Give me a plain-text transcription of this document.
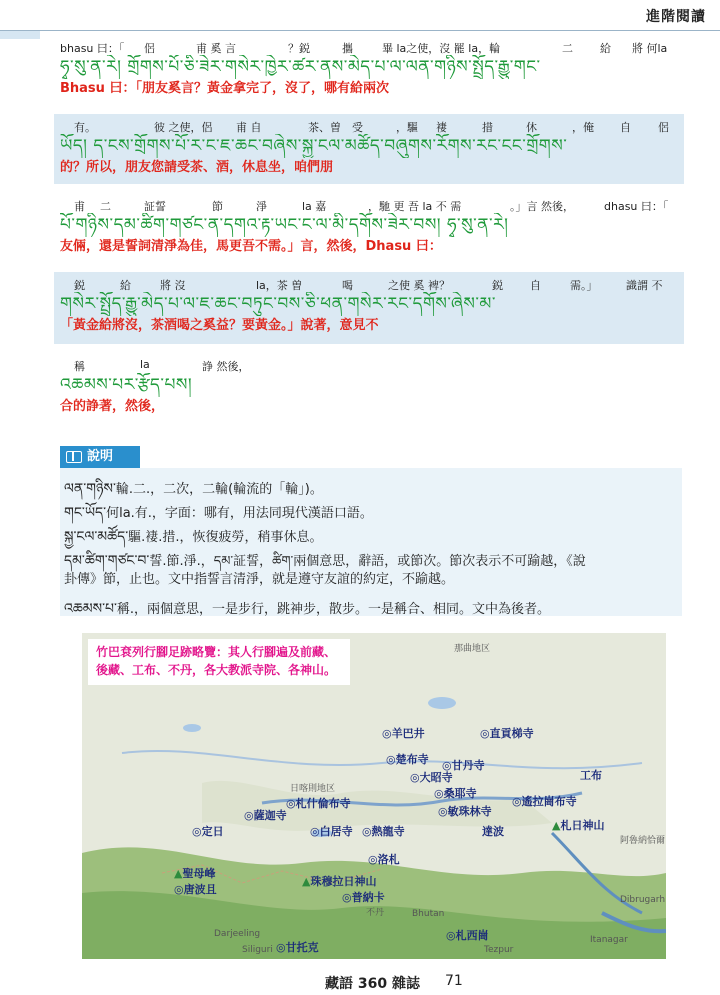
進階閱讀
bhasu 曰：「 侶	甫 奚 言	？鋭	攜	畢 la之使，沒 罷 la，輪	二 給 將 何la
ཧྭ་སུ་ན་རེ། གྲོགས་པོ་ཅི་ཟེར་གསེར་ཁྱེར་ཚར་ནས་མེད་པ་ལ་ལན་གཉིས་སྤྲོད་རྒྱུ་གང་
Bhasu 曰：「朋友奚言？黃金拿完了，沒了，哪有給兩次
有。	彼 之使，侶 甫 自	茶、曽 受	，驅 褄	措	休	，俺 自 侶
ཡོད། ད་ངས་གྲོགས་པོ་ར་ང་ཇ་ཆང་བཞེས་སྐྱ་ངལ་མཚོད་བཞུགས་རོགས་རང་ངང་གྲོགས་
的？所以，朋友您請受茶、酒，休息坐，咱們朋
甫 二	証誓	節	淨	la 嘉	，馳 更 吾 la 不 需	。」言 然後，	dhasu 曰：「
པོ་གཉིས་དམ་ཚིག་གཙང་ན་དགའ་རྟ་ཡང་ང་ལ་མི་དགོས་ཟེར་བས། ཧྭ་སུ་ན་རེ།
友倆，還是誓詞清淨為佳，馬更吾不需。」言，然後，Dhasu 曰：
鋭	給	將 沒	la，茶 曽	喝	之使 奚 裨？	鋭 自	需。」	識謂 不
གསེར་སྤྲོད་རྒྱུ་མེད་པ་ལ་ཇ་ཆང་བཏུང་བས་ཅི་ཕན་གསེར་རང་དགོས་ཞེས་མ་
「黃金給將沒，茶酒喝之奚益？要黃金。」說著，意見不
稱	la	諍 然後，
འཆམས་པར་རྩོད་པས།
合的諍著，然後，
說明
ལན་གཉིས་輪.二.，二次，二輪(輪流的「輪」)。
གང་ཡོད་何la.有.，字面：哪有，用法同現代漢語口語。
སྐྱ་ངལ་མཚོད་驅.褄.措.，恢復疲勞，稍事休息。
དམ་ཚིག་གཙང་བ་誓.節.淨.，དམ་証誓，ཚིག་兩個意思，辭語，或節次。節次表示不可踰越，《說
卦傳》節，止也。文中指誓言清淨，就是遵守友誼的約定，不踰越。
འཆམས་པ་稱.，兩個意思，一是步行，跳神步，散步。一是稱合、相同。文中為後者。
竹巴袞列行腳足跡略覽：其人行腳遍及前藏、
後藏、工布、不丹，各大教派寺院、各神山。
◎羊巴井	◎直貢梯寺
◎楚布寺 ◎甘丹寺
◎大昭寺
◎桑耶寺
工布
◎札什倫布寺
◎薩迦寺	◎敏珠林寺
◎遙拉崗布寺
◎定日	◎白居寺 ◎熱龍寺	達波	▲札日神山
◎洛札
▲聖母峰
◎唐波且
▲珠穆拉日神山
◎普納卡
◎札西崗
◎甘托克
不丹
那曲地区
日喀則地区
阿魯納恰爾
Darjeeling
Siliguri	Tezpur
Dibrugarh
Bhutan
Itanagar
藏語 360 雜誌 71
